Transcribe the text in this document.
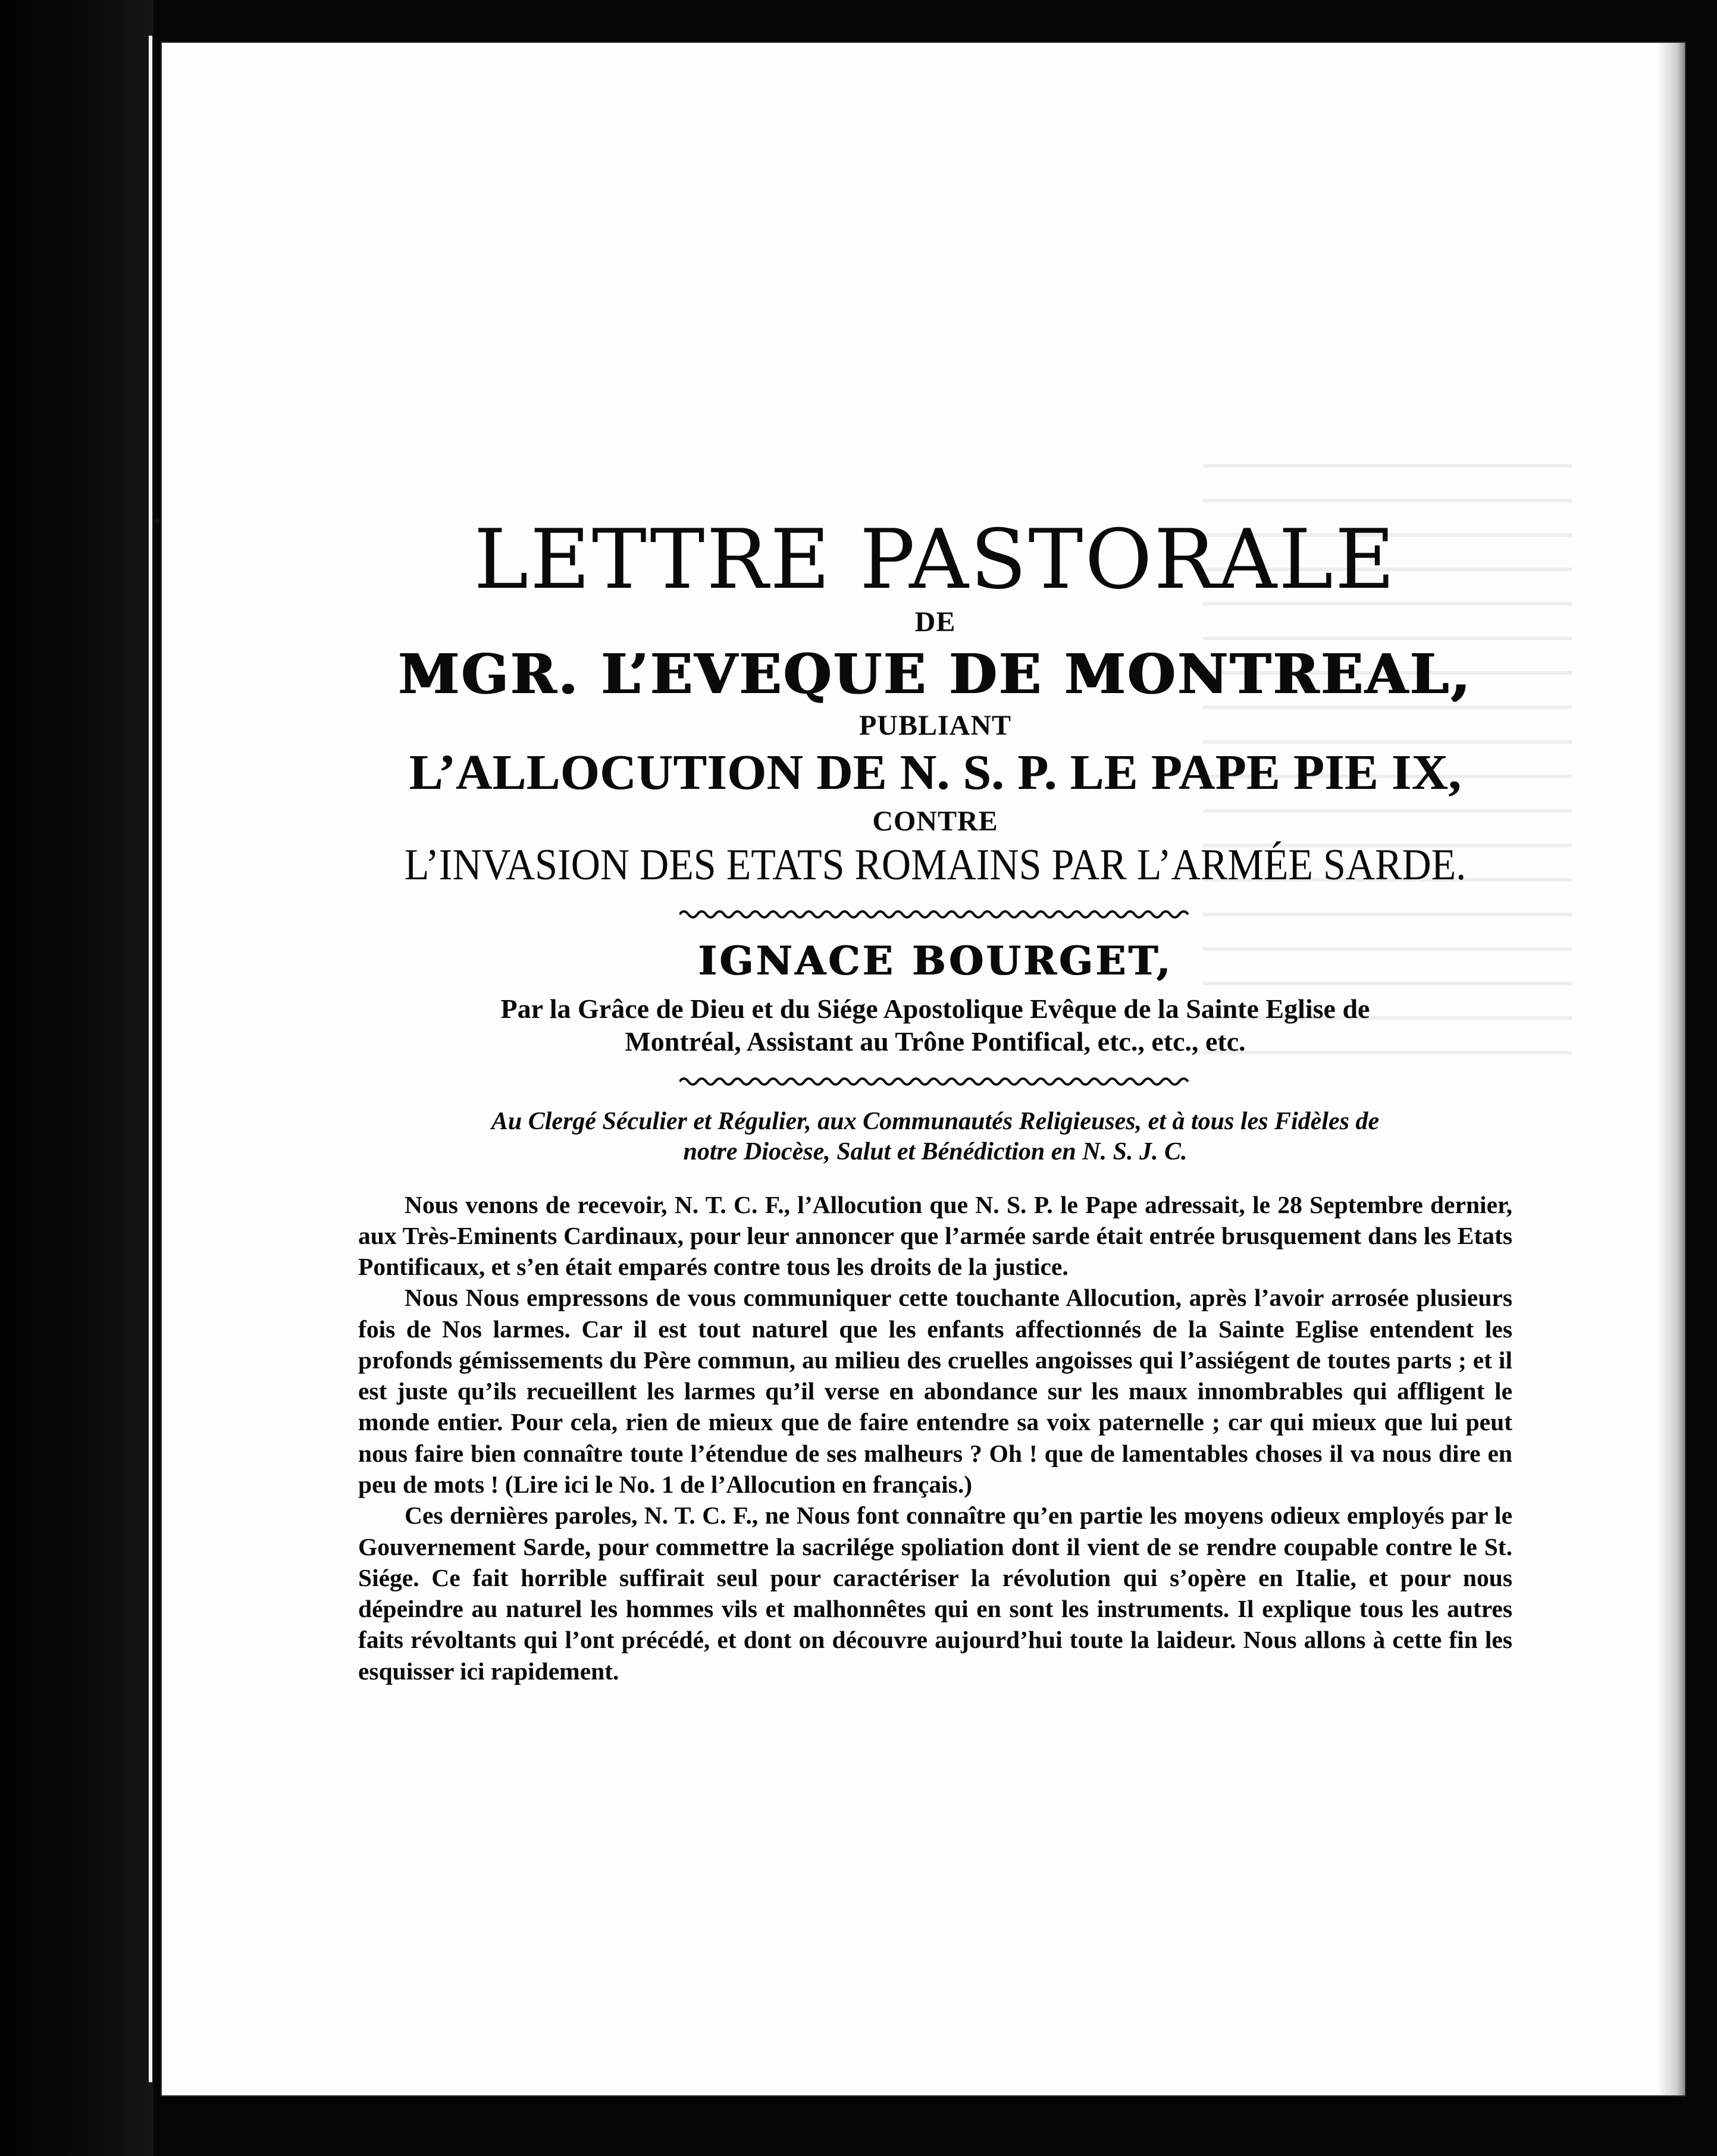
LETTRE PASTORALE
DE
MGR. L’EVEQUE DE MONTREAL,
PUBLIANT
L’ALLOCUTION DE N. S. P. LE PAPE PIE IX,
CONTRE
L’INVASION DES ETATS ROMAINS PAR L’ARMÉE SARDE.
IGNACE BOURGET,
Par la Grâce de Dieu et du Siége Apostolique Evêque de la Sainte Eglise de
Montréal, Assistant au Trône Pontifical, etc., etc., etc.
Au Clergé Séculier et Régulier, aux Communautés Religieuses, et à tous les Fidèles de
notre Diocèse, Salut et Bénédiction en N. S. J. C.

Nous venons de recevoir, N. T. C. F., l’Allocution que N. S. P. le Pape adressait, le 28 Septembre dernier, aux Très-Eminents Cardinaux, pour leur annoncer que l’armée sarde était entrée brusquement dans les Etats Pontificaux, et s’en était emparés contre tous les droits de la justice.

Nous Nous empressons de vous communiquer cette touchante Allocution, après l’avoir arrosée plusieurs fois de Nos larmes. Car il est tout naturel que les enfants affectionnés de la Sainte Eglise entendent les profonds gémissements du Père commun, au milieu des cruelles angoisses qui l’assiégent de toutes parts ; et il est juste qu’ils recueillent les larmes qu’il verse en abondance sur les maux innombrables qui affligent le monde entier. Pour cela, rien de mieux que de faire entendre sa voix paternelle ; car qui mieux que lui peut nous faire bien connaître toute l’étendue de ses malheurs ? Oh ! que de lamentables choses il va nous dire en peu de mots ! (Lire ici le No. 1 de l’Allocution en français.)

Ces dernières paroles, N. T. C. F., ne Nous font connaître qu’en partie les moyens odieux employés par le Gouvernement Sarde, pour commettre la sacrilége spoliation dont il vient de se rendre coupable contre le St. Siége. Ce fait horrible suffirait seul pour caractériser la révolution qui s’opère en Italie, et pour nous dépeindre au naturel les hommes vils et malhonnêtes qui en sont les instruments. Il explique tous les autres faits révoltants qui l’ont précédé, et dont on découvre aujourd’hui toute la laideur. Nous allons à cette fin les esquisser ici rapidement.
